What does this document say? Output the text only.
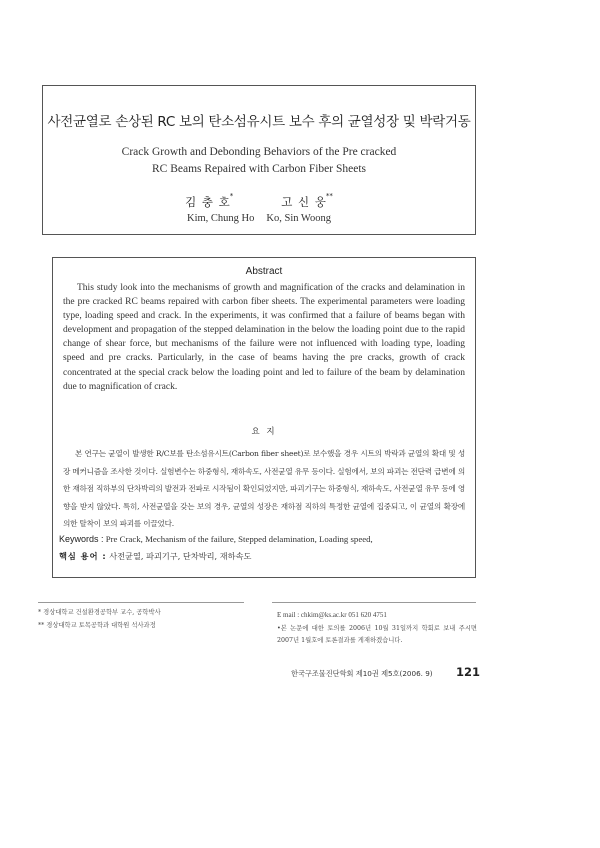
사전균열로 손상된 RC 보의 탄소섬유시트 보수 후의 균열성장 및 박락거동
Crack Growth and Debonding Behaviors of the Pre cracked
RC Beams Repaired with Carbon Fiber Sheets
김 충 호*	고 신 웅**
Kim, Chung Ho Ko, Sin Woong
Abstract
This study look into the mechanisms of growth and magnification of the cracks and delamination in the pre cracked RC beams repaired with carbon fiber sheets. The experimental parameters were loading type, loading speed and crack. In the experiments, it was confirmed that a failure of beams began with development and propagation of the stepped delamination in the below the loading point due to the rapid change of shear force, but mechanisms of the failure were not influenced with loading type, loading speed and pre cracks. Particularly, in the case of beams having the pre cracks, growth of crack concentrated at the special crack below the loading point and led to failure of the beam by delamination due to magnification of crack.
요 지
본 연구는 균열이 발생한 R/C보를 탄소섬유시트(Carbon fiber sheet)로 보수했을 경우 시트의 박락과 균열의 확대 및 성장 메커니즘을 조사한 것이다. 실험변수는 하중형식, 재하속도, 사전균열 유무 등이다. 실험에서, 보의 파괴는 전단력 급변에 의한 재하점 직하부의 단차박리의 발전과 전파로 시작됨이 확인되었지만, 파괴기구는 하중형식, 재하속도, 사전균열 유무 등에 영향을 받지 않았다. 특히, 사전균열을 갖는 보의 경우, 균열의 성장은 재하점 직하의 특정한 균열에 집중되고, 이 균열의 확장에 의한 탈착이 보의 파괴를 이끌었다.
Keywords : Pre Crack, Mechanism of the failure, Stepped delamination, Loading speed,
핵심 용어 : 사전균열, 파괴기구, 단차박리, 재하속도
* 경상대학교 건설환경공학부 교수, 공학박사
** 경상대학교 토목공학과 대학원 석사과정
E mail : chkim@ks.ac.kr 051 620 4751
•본 논문에 대한 토의를 2006년 10월 31일까지 학회로 보내 주시면 2007년 1월호에 토론결과를 게재하겠습니다.
한국구조물진단학회 제10권 제5호(2006. 9) 121
